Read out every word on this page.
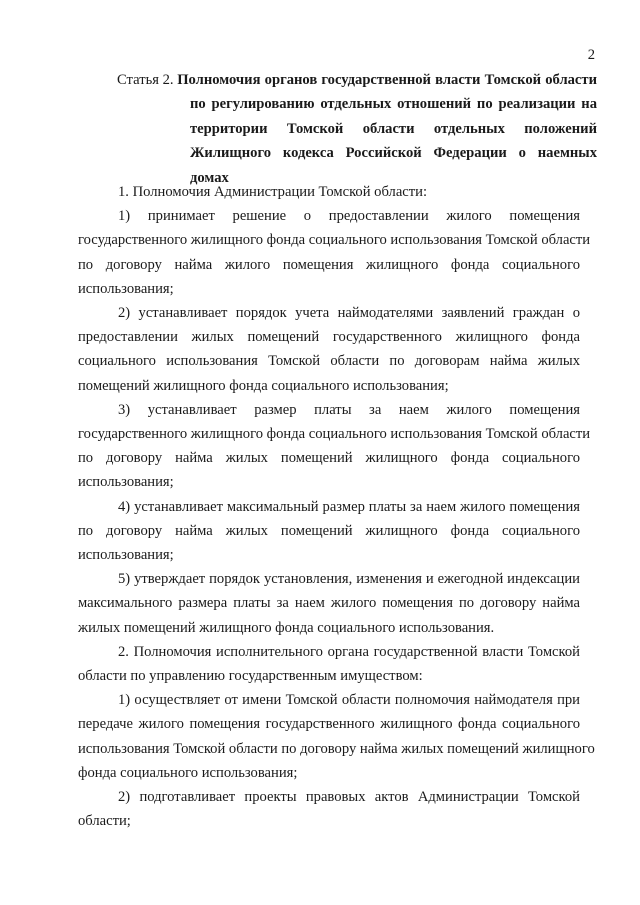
2
Статья 2. Полномочия органов государственной власти Томской области
по регулированию отдельных отношений по реализации на
территории Томской области отдельных положений
Жилищного кодекса Российской Федерации о наемных
домах
1. Полномочия Администрации Томской области:
1) принимает решение о предоставлении жилого помещения
государственного жилищного фонда социального использования Томской области
по договору найма жилого помещения жилищного фонда социального
использования;
2) устанавливает порядок учета наймодателями заявлений граждан о
предоставлении жилых помещений государственного жилищного фонда
социального использования Томской области по договорам найма жилых
помещений жилищного фонда социального использования;
3) устанавливает размер платы за наем жилого помещения
государственного жилищного фонда социального использования Томской области
по договору найма жилых помещений жилищного фонда социального
использования;
4) устанавливает максимальный размер платы за наем жилого помещения
по договору найма жилых помещений жилищного фонда социального
использования;
5) утверждает порядок установления, изменения и ежегодной индексации
максимального размера платы за наем жилого помещения по договору найма
жилых помещений жилищного фонда социального использования.
2. Полномочия исполнительного органа государственной власти Томской
области по управлению государственным имуществом:
1) осуществляет от имени Томской области полномочия наймодателя при
передаче жилого помещения государственного жилищного фонда социального
использования Томской области по договору найма жилых помещений жилищного
фонда социального использования;
2) подготавливает проекты правовых актов Администрации Томской
области;
